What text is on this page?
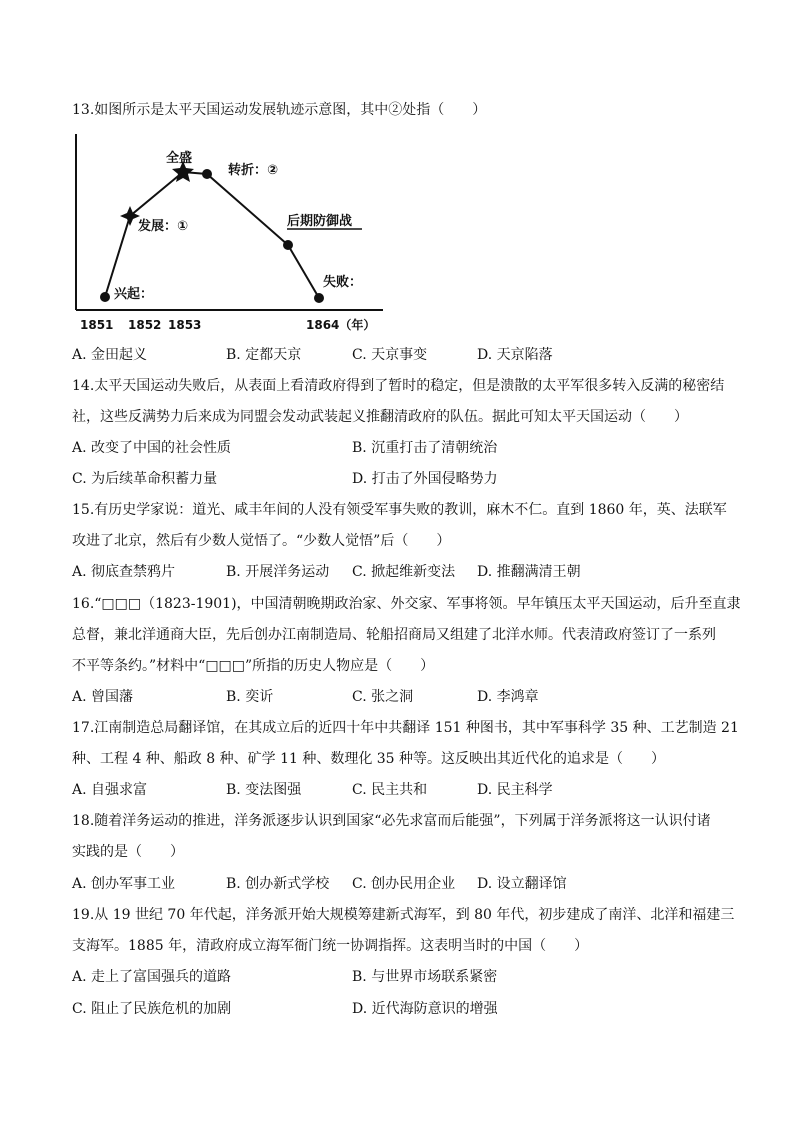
13.如图所示是太平天国运动发展轨迹示意图，其中②处指（　　）
全盛
转折：②
发展：①	后期防御战
兴起：
失败：
1851 1852 1853	1864（年）
A. 金田起义	B. 定都天京	C. 天京事变	D. 天京陷落
14.太平天国运动失败后，从表面上看清政府得到了暂时的稳定，但是溃散的太平军很多转入反满的秘密结
社，这些反满势力后来成为同盟会发动武装起义推翻清政府的队伍。据此可知太平天国运动（　　）
A. 改变了中国的社会性质	B. 沉重打击了清朝统治
C. 为后续革命积蓄力量	D. 打击了外国侵略势力
15.有历史学家说：道光、咸丰年间的人没有领受军事失败的教训，麻木不仁。直到 1860 年，英、法联军
攻进了北京，然后有少数人觉悟了。“少数人觉悟”后（　　）
A. 彻底查禁鸦片	B. 开展洋务运动 C. 掀起维新变法 D. 推翻满清王朝
16.“□□□（1823-1901)，中国清朝晚期政治家、外交家、军事将领。早年镇压太平天国运动，后升至直隶
总督，兼北洋通商大臣，先后创办江南制造局、轮船招商局又组建了北洋水师。代表清政府签订了一系列
不平等条约。”材料中“□□□”所指的历史人物应是（　　）
A. 曾国藩	B. 奕䜣	C. 张之洞	D. 李鸿章
17.江南制造总局翻译馆，在其成立后的近四十年中共翻译 151 种图书，其中军事科学 35 种、工艺制造 21
种、工程 4 种、船政 8 种、矿学 11 种、数理化 35 种等。这反映出其近代化的追求是（　　）
A. 自强求富	B. 变法图强	C. 民主共和	D. 民主科学
18.随着洋务运动的推进，洋务派逐步认识到国家“必先求富而后能强”，下列属于洋务派将这一认识付诸
实践的是（　　）
A. 创办军事工业	B. 创办新式学校 C. 创办民用企业 D. 设立翻译馆
19.从 19 世纪 70 年代起，洋务派开始大规模筹建新式海军，到 80 年代，初步建成了南洋、北洋和福建三
支海军。1885 年，清政府成立海军衙门统一协调指挥。这表明当时的中国（　　）
A. 走上了富国强兵的道路	B. 与世界市场联系紧密
C. 阻止了民族危机的加剧	D. 近代海防意识的增强
